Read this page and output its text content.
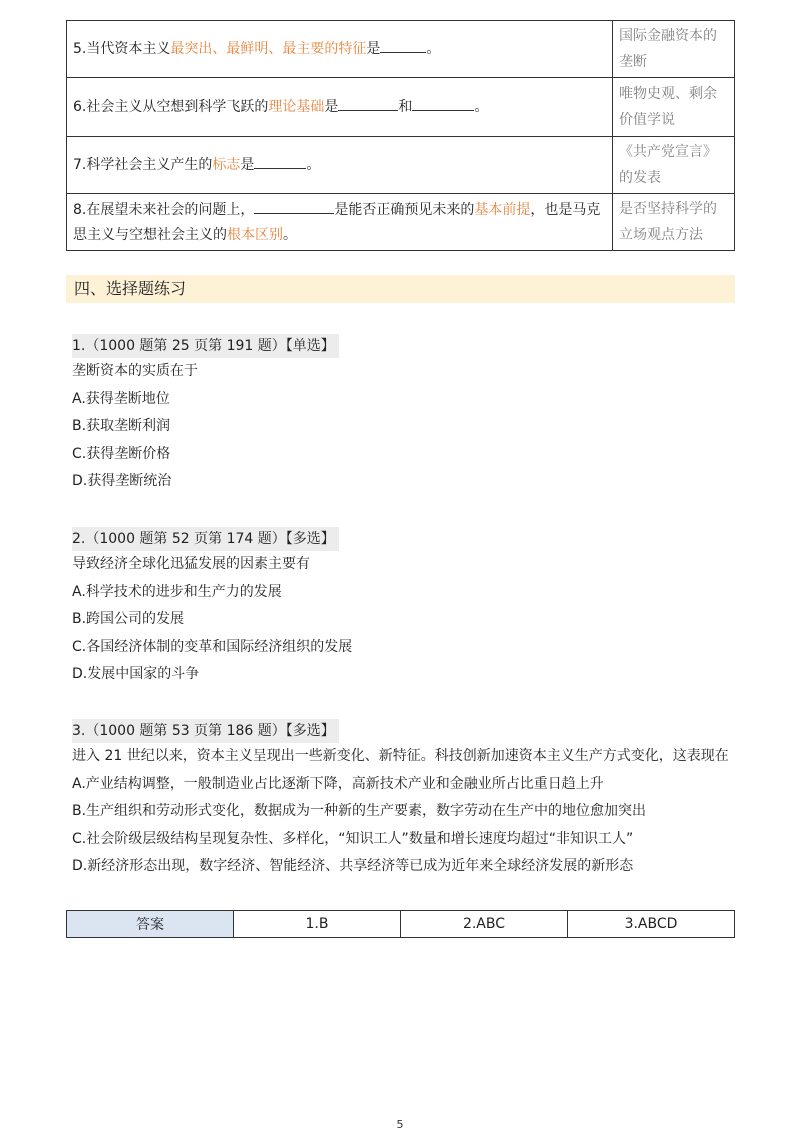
5.当代资本主义最突出、最鲜明、最主要的特征是 。	国际金融资本的垄断
6.社会主义从空想到科学飞跃的理论基础是 和 。	唯物史观、剩余价值学说
7.科学社会主义产生的标志是 。	《共产党宣言》的发表
8.在展望未来社会的问题上， 是能否正确预见未来的基本前提，也是马克思主义与空想社会主义的根本区别。	是否坚持科学的立场观点方法
四、选择题练习
1.（1000 题第 25 页第 191 题）【单选】
垄断资本的实质在于
A.获得垄断地位
B.获取垄断利润
C.获得垄断价格
D.获得垄断统治
2.（1000 题第 52 页第 174 题）【多选】
导致经济全球化迅猛发展的因素主要有
A.科学技术的进步和生产力的发展
B.跨国公司的发展
C.各国经济体制的变革和国际经济组织的发展
D.发展中国家的斗争
3.（1000 题第 53 页第 186 题）【多选】
进入 21 世纪以来，资本主义呈现出一些新变化、新特征。科技创新加速资本主义生产方式变化，这表现在
A.产业结构调整，一般制造业占比逐渐下降，高新技术产业和金融业所占比重日趋上升
B.生产组织和劳动形式变化，数据成为一种新的生产要素，数字劳动在生产中的地位愈加突出
C.社会阶级层级结构呈现复杂性、多样化，“知识工人”数量和增长速度均超过“非知识工人”
D.新经济形态出现，数字经济、智能经济、共享经济等已成为近年来全球经济发展的新形态
答案	1.B	2.ABC	3.ABCD
5
